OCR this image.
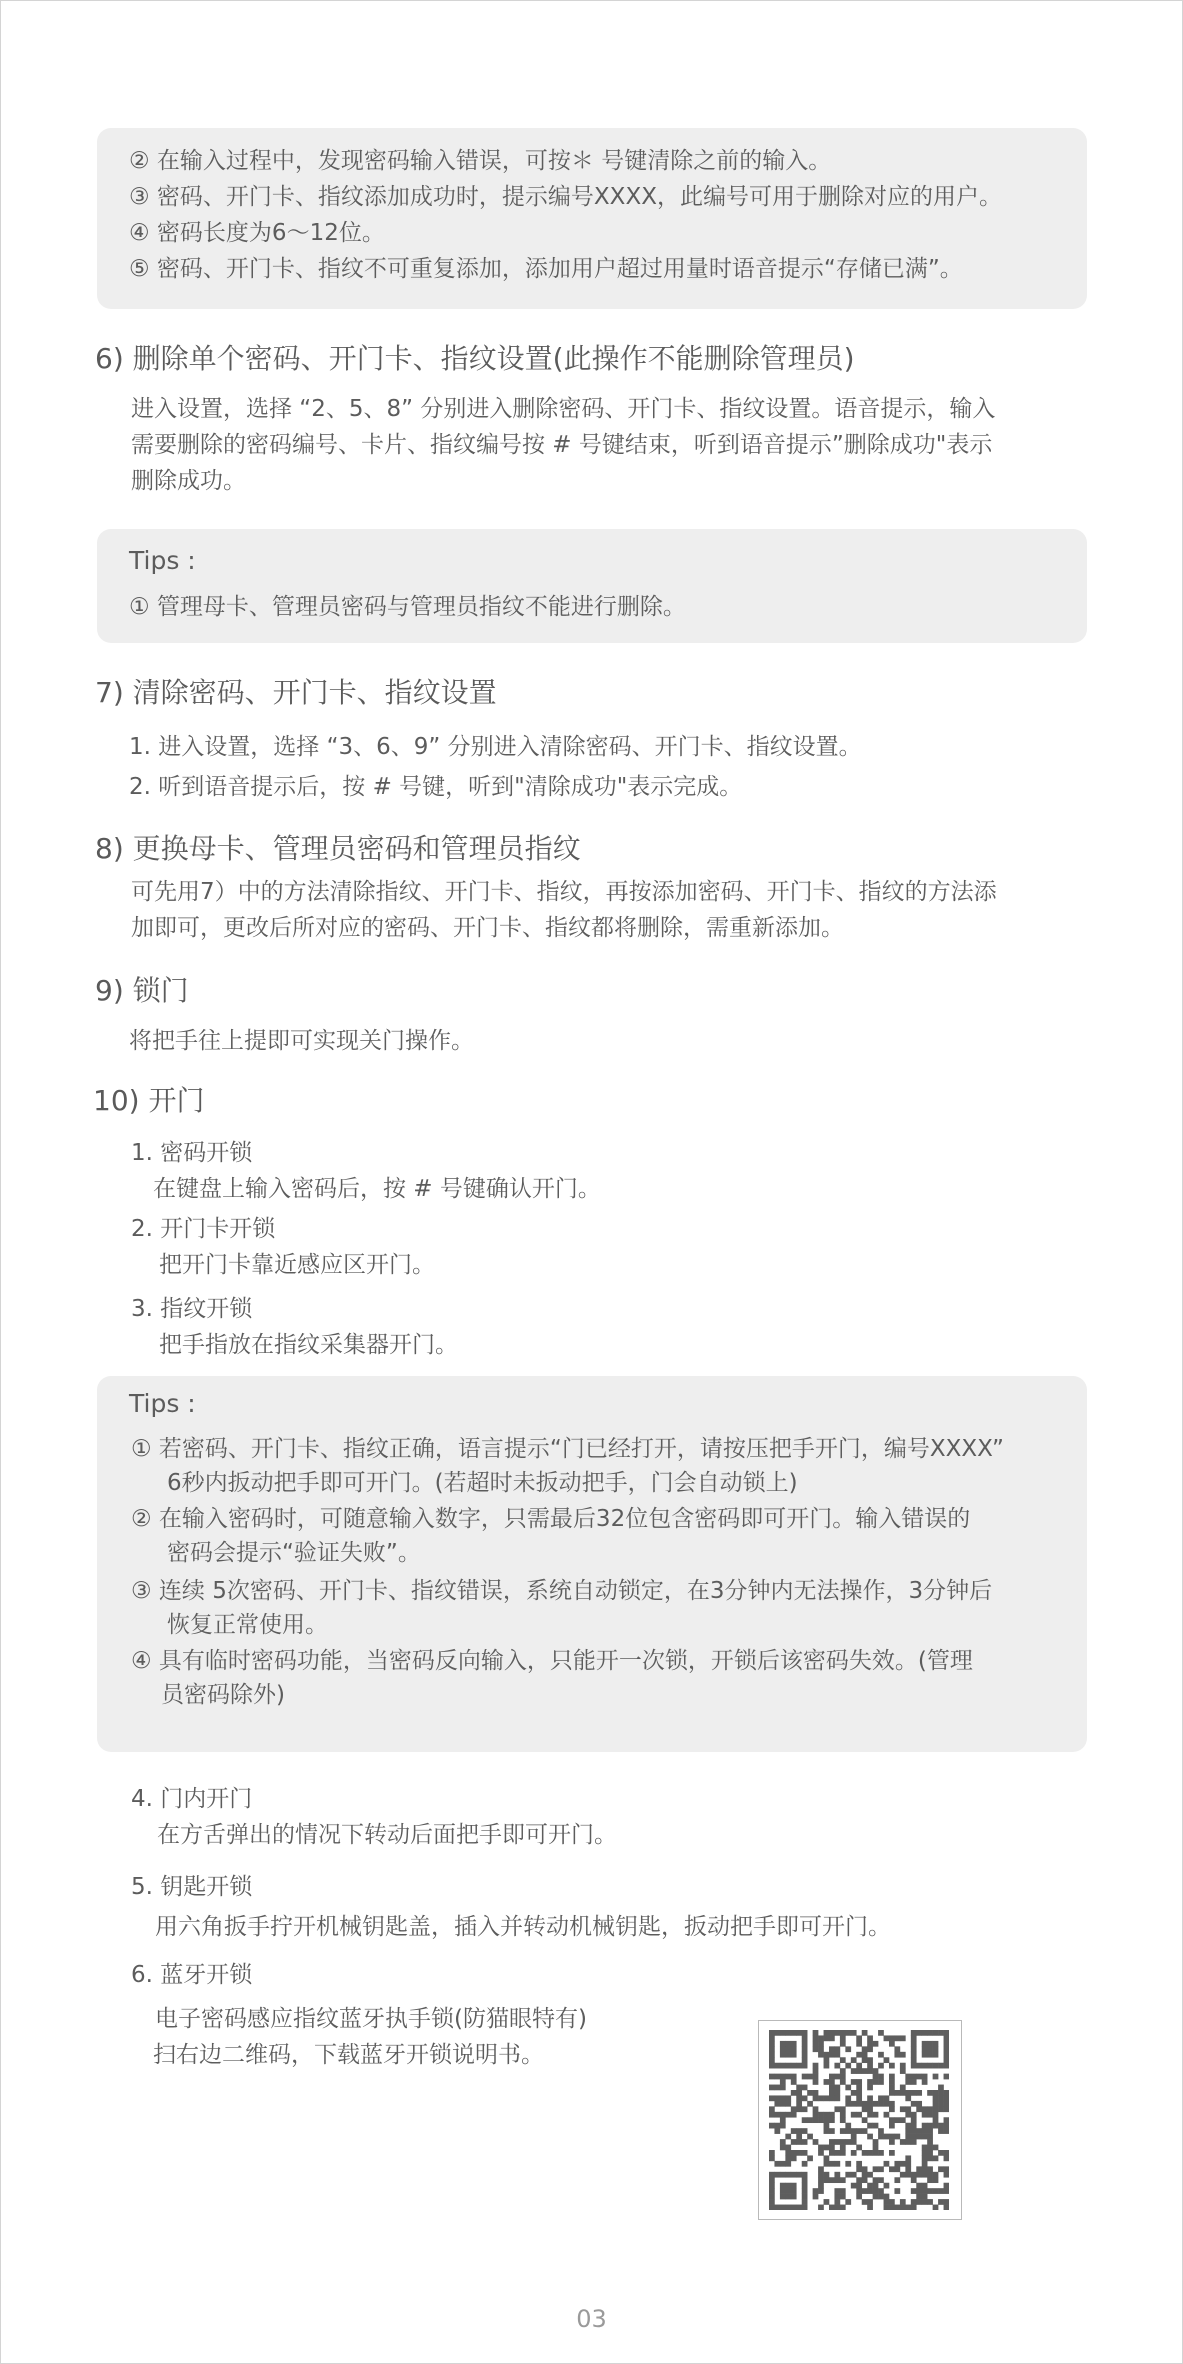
② 在输入过程中，发现密码输入错误，可按＊ 号键清除之前的输入。
③ 密码、开门卡、指纹添加成功时，提示编号XXXX，此编号可用于删除对应的用户。
④ 密码长度为6～12位。
⑤ 密码、开门卡、指纹不可重复添加，添加用户超过用量时语音提示“存储已满”。
6) 删除单个密码、开门卡、指纹设置(此操作不能删除管理员)
进入设置，选择 “2、5、8” 分别进入删除密码、开门卡、指纹设置。语音提示，输入
需要删除的密码编号、卡片、指纹编号按 # 号键结束，听到语音提示”删除成功"表示
删除成功。
Tips :
① 管理母卡、管理员密码与管理员指纹不能进行删除。
7) 清除密码、开门卡、指纹设置
1. 进入设置，选择 “3、6、9” 分别进入清除密码、开门卡、指纹设置。
2. 听到语音提示后，按 # 号键，听到"清除成功"表示完成。
8) 更换母卡、管理员密码和管理员指纹
可先用7）中的方法清除指纹、开门卡、指纹，再按添加密码、开门卡、指纹的方法添
加即可，更改后所对应的密码、开门卡、指纹都将删除，需重新添加。
9) 锁门
将把手往上提即可实现关门操作。
10) 开门
1. 密码开锁
在键盘上输入密码后，按 # 号键确认开门。
2. 开门卡开锁
把开门卡靠近感应区开门。
3. 指纹开锁
把手指放在指纹采集器开门。
Tips :
① 若密码、开门卡、指纹正确，语言提示“门已经打开，请按压把手开门，编号XXXX”
6秒内扳动把手即可开门。(若超时未扳动把手，门会自动锁上)
② 在输入密码时，可随意输入数字，只需最后32位包含密码即可开门。输入错误的
密码会提示“验证失败”。
③ 连续 5次密码、开门卡、指纹错误，系统自动锁定，在3分钟内无法操作，3分钟后
恢复正常使用。
④ 具有临时密码功能，当密码反向输入，只能开一次锁，开锁后该密码失效。(管理
员密码除外)
4. 门内开门
在方舌弹出的情况下转动后面把手即可开门。
5. 钥匙开锁
用六角扳手拧开机械钥匙盖，插入并转动机械钥匙，扳动把手即可开门。
6. 蓝牙开锁
电子密码感应指纹蓝牙执手锁(防猫眼特有)
扫右边二维码，下载蓝牙开锁说明书。
03
